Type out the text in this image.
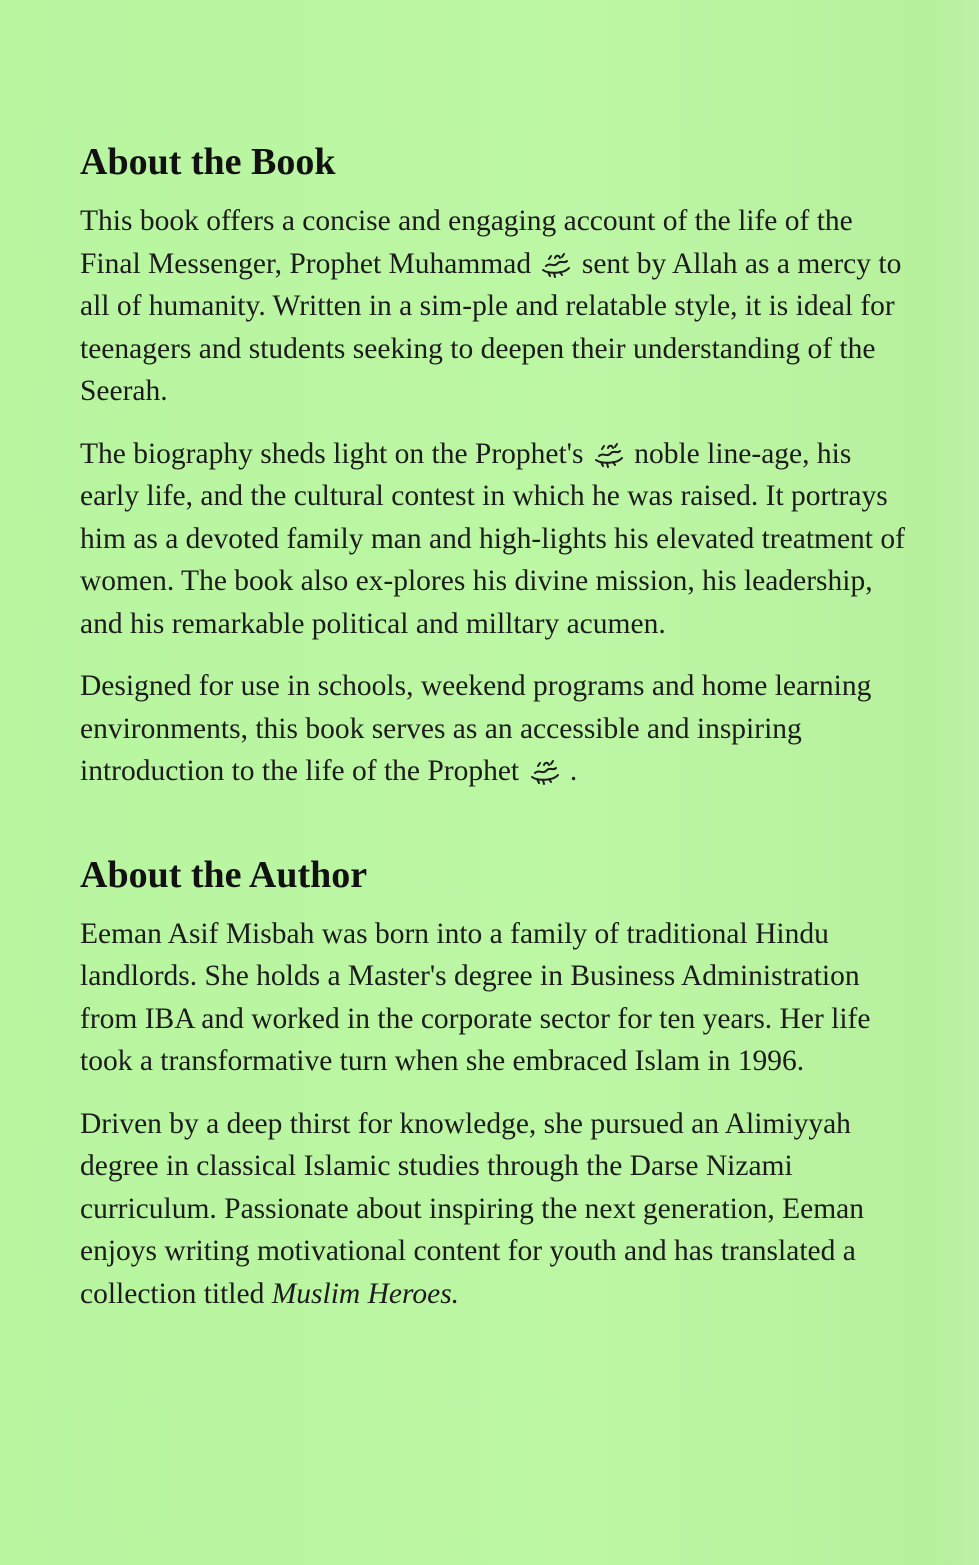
About the Book

This book offers a concise and engaging account of the life of the Final Messenger, Prophet Muhammad  sent by Allah as a mercy to all of humanity. Written in a sim-ple and relatable style, it is ideal for teenagers and students seeking to deepen their understanding of the Seerah.

The biography sheds light on the Prophet's  noble line-age, his early life, and the cultural contest in which he was raised. It portrays him as a devoted family man and high-lights his elevated treatment of women. The book also ex-plores his divine mission, his leadership, and his remarkable political and milltary acumen.

Designed for use in schools, weekend programs and home learning environments, this book serves as an accessible and inspiring introduction to the life of the Prophet  .

About the Author

Eeman Asif Misbah was born into a family of traditional Hindu landlords. She holds a Master's degree in Business Administration from IBA and worked in the corporate sector for ten years. Her life took a transformative turn when she embraced Islam in 1996.

Driven by a deep thirst for knowledge, she pursued an Alimiyyah degree in classical Islamic studies through the Darse Nizami curriculum. Passionate about inspiring the next generation, Eeman enjoys writing motivational content for youth and has translated a collection titled Muslim Heroes.
